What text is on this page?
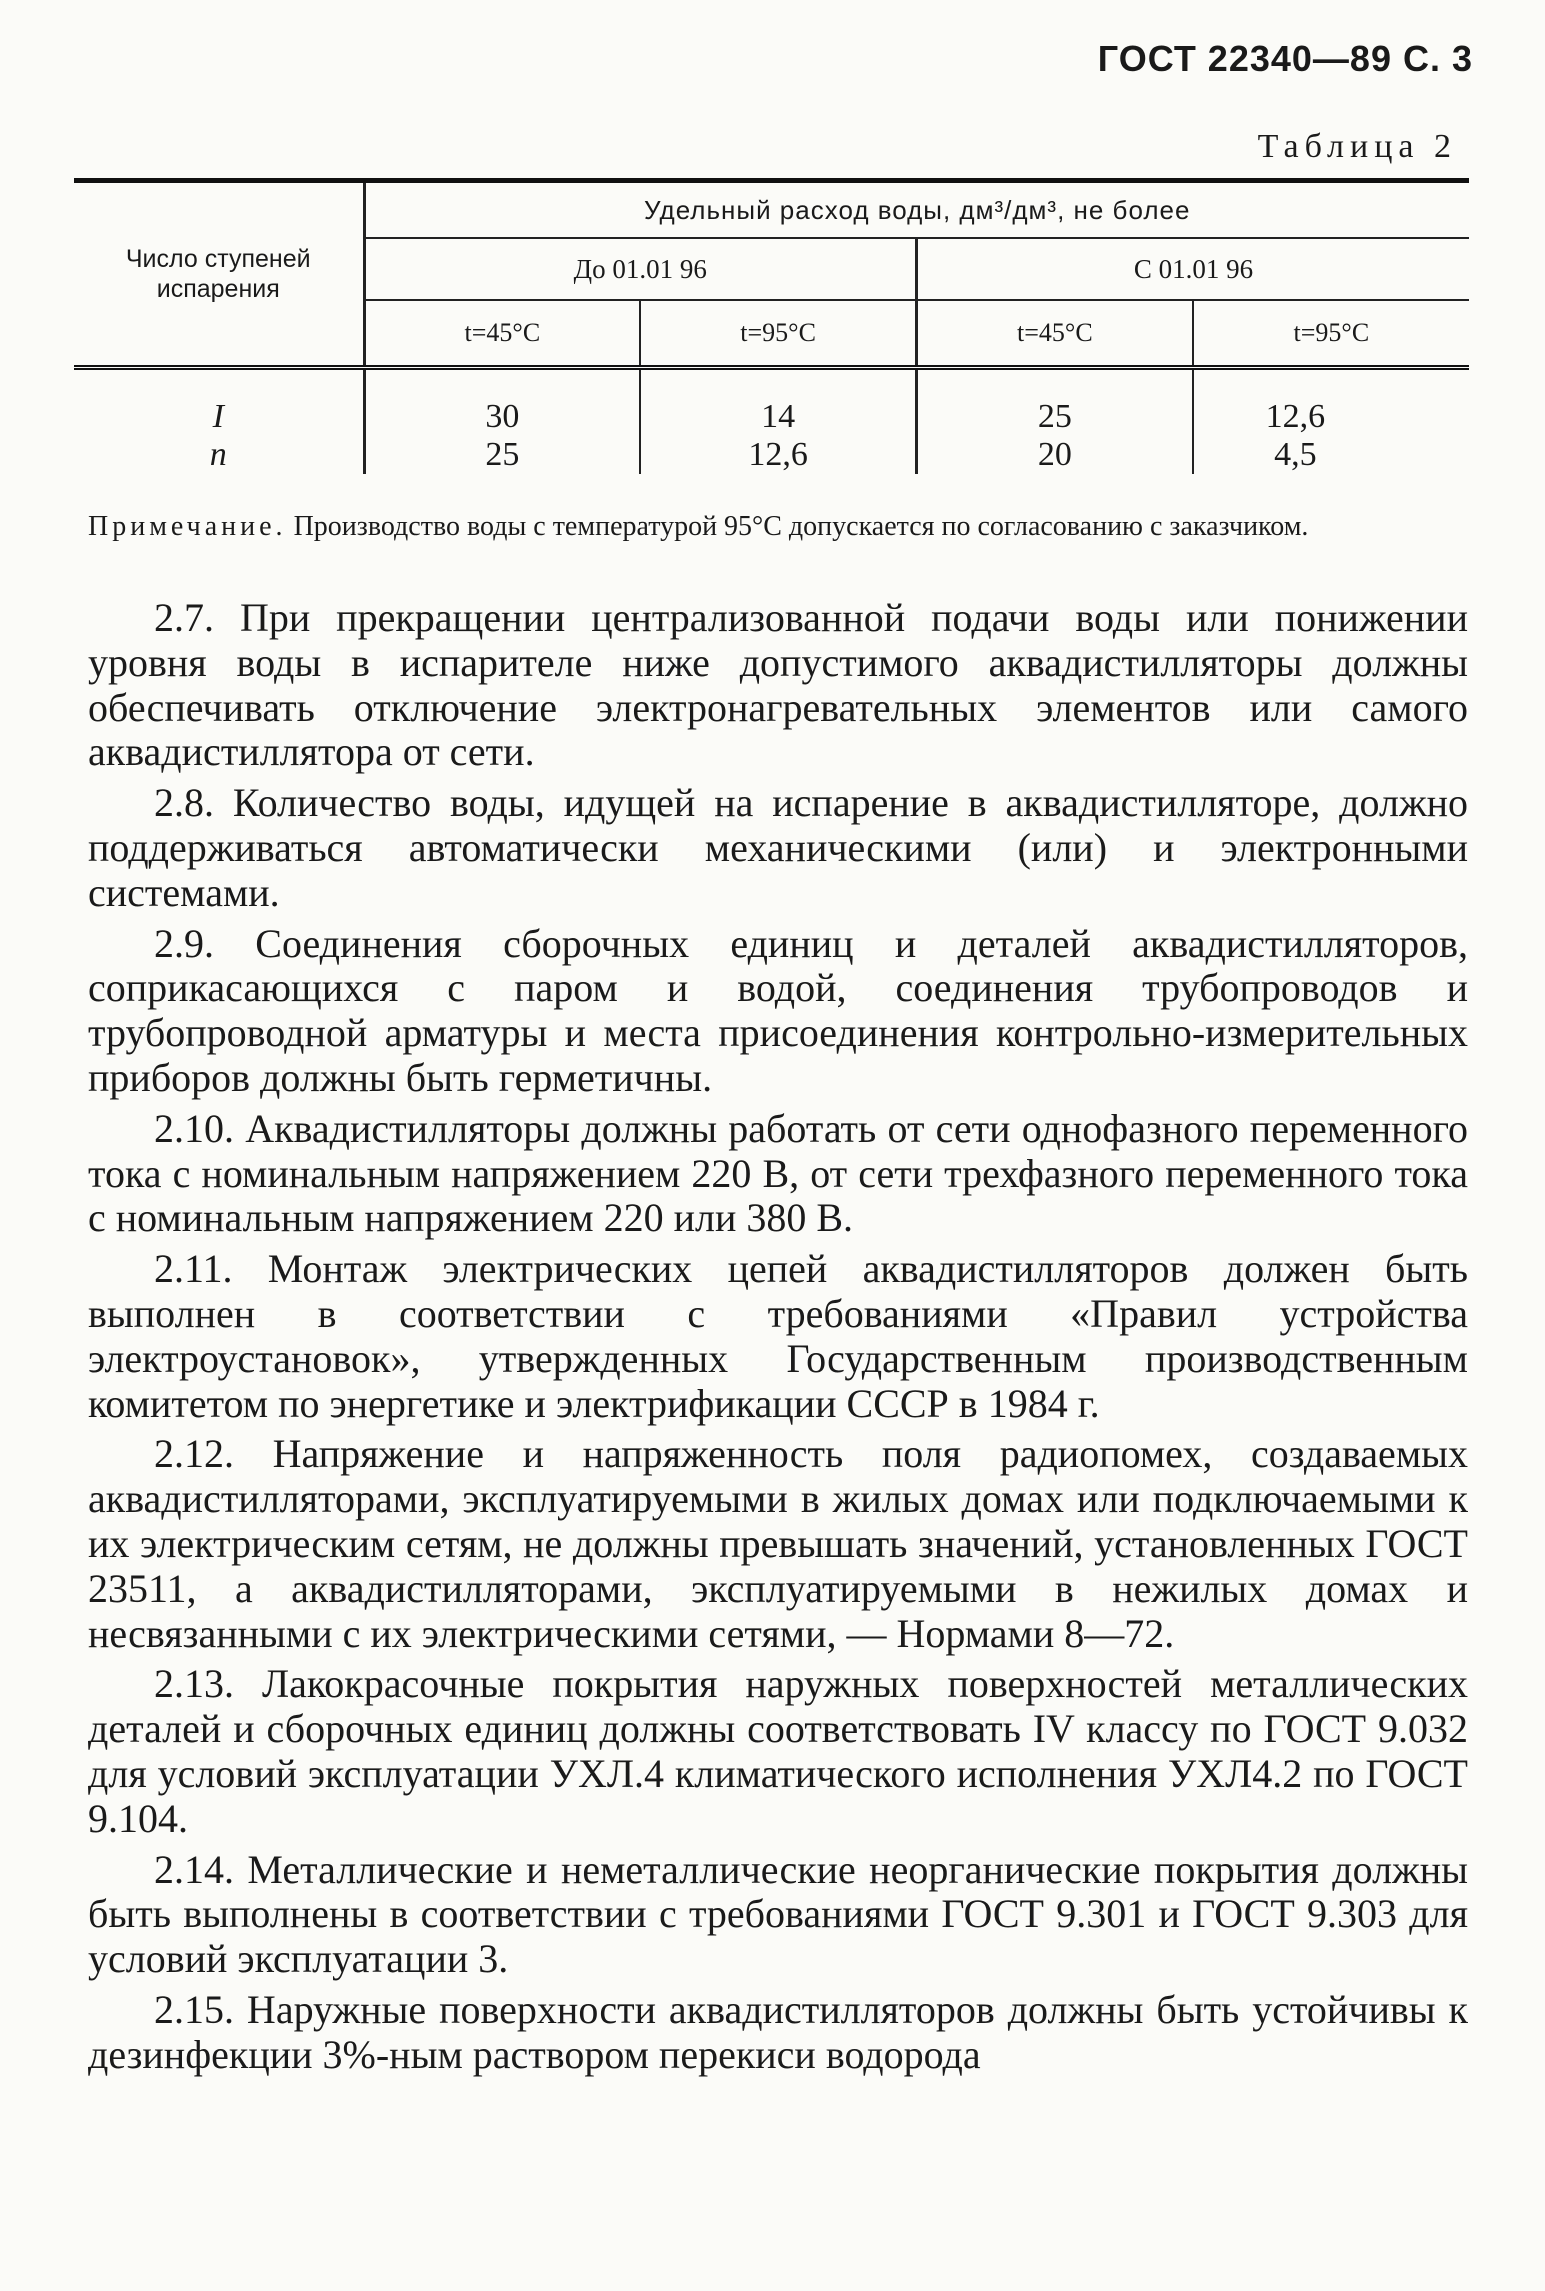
ГОСТ 22340—89 С. 3
Таблица 2
Число ступеней испарения	Удельный расход воды, дм³/дм³, не более			
	До 01.01 96		С 01.01 96	
	t=45°C	t=95°C	t=45°C	t=95°C
I	30	14	25	12,6
n	25	12,6	20	4,5
Примечание. Производство воды с температурой 95°С допускается по согласованию с заказчиком.

2.7. При прекращении централизованной подачи воды или понижении уровня воды в испарителе ниже допустимого аквадистилляторы должны обеспечивать отключение электронагревательных элементов или самого аквадистиллятора от сети.

2.8. Количество воды, идущей на испарение в аквадистилляторе, должно поддерживаться автоматически механическими (или) и электронными системами.

2.9. Соединения сборочных единиц и деталей аквадистилляторов, соприкасающихся с паром и водой, соединения трубопроводов и трубопроводной арматуры и места присоединения контрольно-измерительных приборов должны быть герметичны.

2.10. Аквадистилляторы должны работать от сети однофазного переменного тока с номинальным напряжением 220 В, от сети трехфазного переменного тока с номинальным напряжением 220 или 380 В.

2.11. Монтаж электрических цепей аквадистилляторов должен быть выполнен в соответствии с требованиями «Правил устройства электроустановок», утвержденных Государственным производственным комитетом по энергетике и электрификации СССР в 1984 г.

2.12. Напряжение и напряженность поля радиопомех, создаваемых аквадистилляторами, эксплуатируемыми в жилых домах или подключаемыми к их электрическим сетям, не должны превышать значений, установленных ГОСТ 23511, а аквадистилляторами, эксплуатируемыми в нежилых домах и несвязанными с их электрическими сетями, — Нормами 8—72.

2.13. Лакокрасочные покрытия наружных поверхностей металлических деталей и сборочных единиц должны соответствовать IV классу по ГОСТ 9.032 для условий эксплуатации УХЛ.4 климатического исполнения УХЛ4.2 по ГОСТ 9.104.

2.14. Металлические и неметаллические неорганические покрытия должны быть выполнены в соответствии с требованиями ГОСТ 9.301 и ГОСТ 9.303 для условий эксплуатации 3.

2.15. Наружные поверхности аквадистилляторов должны быть устойчивы к дезинфекции 3%-ным раствором перекиси водорода
